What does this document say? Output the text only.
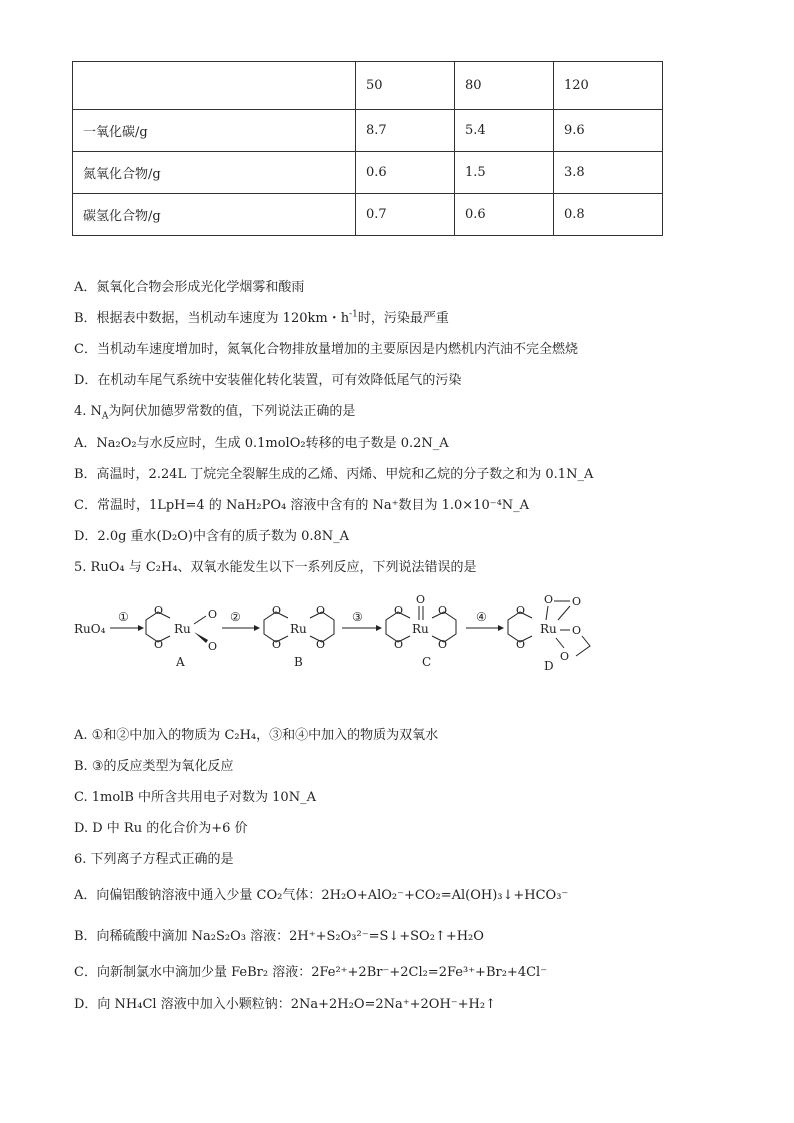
	50	80	120
一氧化碳/g	8.7	5.4	9.6
氮氧化合物/g	0.6	1.5	3.8
碳氢化合物/g	0.7	0.6	0.8
A．氮氧化合物会形成光化学烟雾和酸雨
B．根据表中数据，当机动车速度为 120km・$h^{-1}$时，污染最严重
C．当机动车速度增加时，氮氧化合物排放量增加的主要原因是内燃机内汽油不完全燃烧
D．在机动车尾气系统中安装催化转化装置，可有效降低尾气的污染
4. $N_A$为阿伏加德罗常数的值，下列说法正确的是
A．Na₂O₂与水反应时，生成 0.1molO₂转移的电子数是 0.2N_A
B．高温时，2.24L 丁烷完全裂解生成的乙烯、丙烯、甲烷和乙烷的分子数之和为 0.1N_A
C．常温时，1LpH=4 的 NaH₂PO₄ 溶液中含有的 Na⁺数目为 1.0×10⁻⁴N_A
D．2.0g 重水(D₂O)中含有的质子数为 0.8N_A
5. RuO₄ 与 C₂H₄、双氧水能发生以下一系列反应，下列说法错误的是
RuO₄
① O
O
Ru
O
O
A
②	O
O
Ru
O
O
B
③	O
O
Ru
O
O
O
C
④	O
O
Ru
O O
O
O
D
A. ①和②中加入的物质为 C₂H₄，③和④中加入的物质为双氧水
B. ③的反应类型为氧化反应
C. 1molB 中所含共用电子对数为 10N_A
D. D 中 Ru 的化合价为+6 价
6. 下列离子方程式正确的是
A．向偏铝酸钠溶液中通入少量 CO₂气体：2H₂O+AlO₂⁻+CO₂=Al(OH)₃↓+HCO₃⁻
B．向稀硫酸中滴加 Na₂S₂O₃ 溶液：2H⁺+S₂O₃²⁻=S↓+SO₂↑+H₂O
C．向新制氯水中滴加少量 FeBr₂ 溶液：2Fe²⁺+2Br⁻+2Cl₂=2Fe³⁺+Br₂+4Cl⁻
D．向 NH₄Cl 溶液中加入小颗粒钠：2Na+2H₂O=2Na⁺+2OH⁻+H₂↑
